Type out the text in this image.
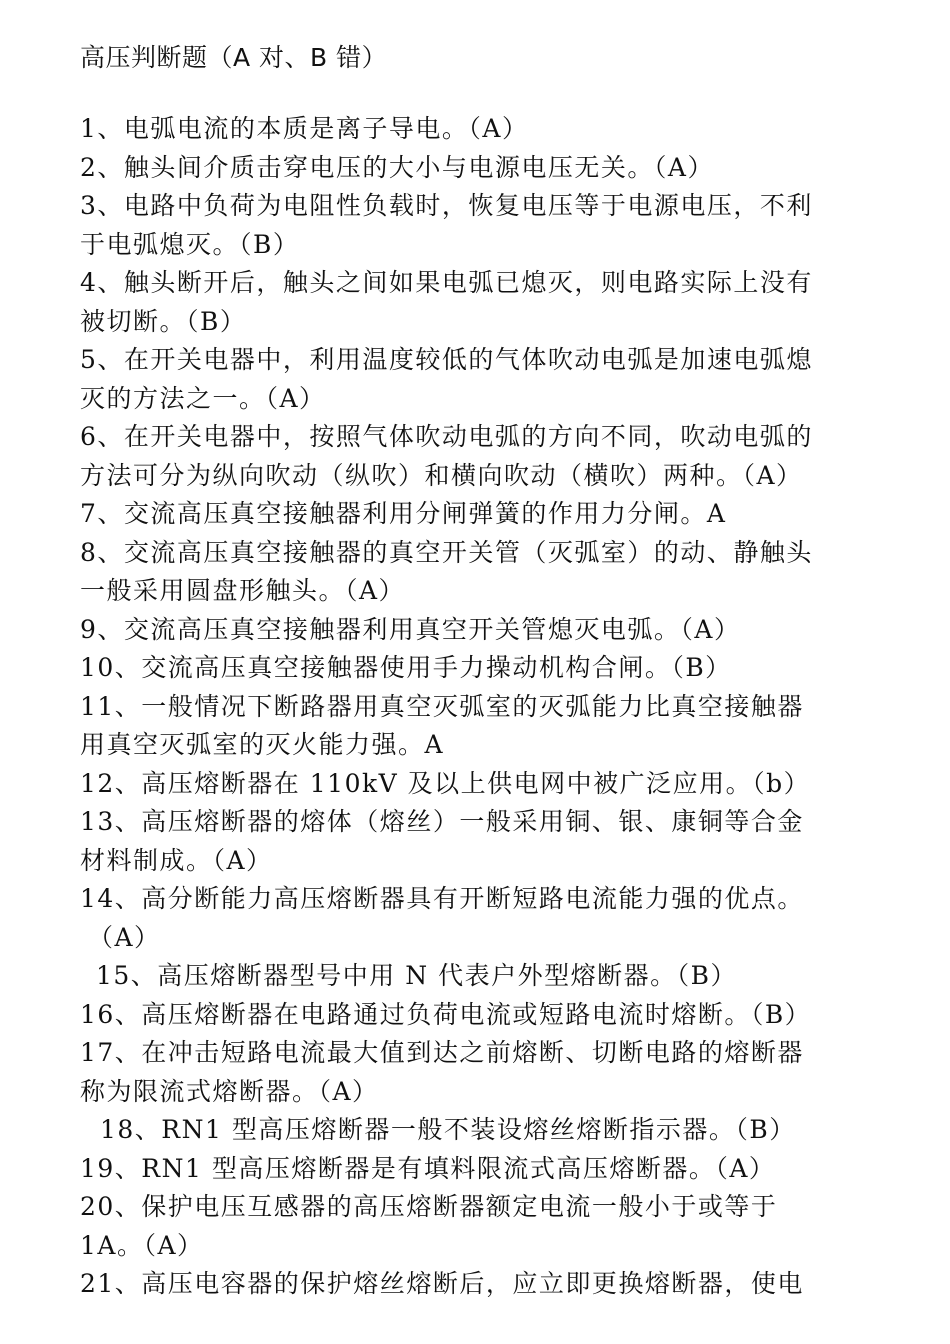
高压判断题（A 对、B 错）
1、电弧电流的本质是离子导电。（A）
2、触头间介质击穿电压的大小与电源电压无关。（A）
3、电路中负荷为电阻性负载时，恢复电压等于电源电压，不利
于电弧熄灭。（B）
4、触头断开后，触头之间如果电弧已熄灭，则电路实际上没有
被切断。（B）
5、在开关电器中，利用温度较低的气体吹动电弧是加速电弧熄
灭的方法之一。（A）
6、在开关电器中，按照气体吹动电弧的方向不同，吹动电弧的
方法可分为纵向吹动（纵吹）和横向吹动（横吹）两种。（A）
7、交流高压真空接触器利用分闸弹簧的作用力分闸。A
8、交流高压真空接触器的真空开关管（灭弧室）的动、静触头
一般采用圆盘形触头。（A）
9、交流高压真空接触器利用真空开关管熄灭电弧。（A）
10、交流高压真空接触器使用手力操动机构合闸。（B）
11、一般情况下断路器用真空灭弧室的灭弧能力比真空接触器
用真空灭弧室的灭火能力强。A
12、高压熔断器在 110kV 及以上供电网中被广泛应用。（b）
13、高压熔断器的熔体（熔丝）一般采用铜、银、康铜等合金
材料制成。（A）
14、高分断能力高压熔断器具有开断短路电流能力强的优点。
（A）
15、高压熔断器型号中用 N 代表户外型熔断器。（B）
16、高压熔断器在电路通过负荷电流或短路电流时熔断。（B）
17、在冲击短路电流最大值到达之前熔断、切断电路的熔断器
称为限流式熔断器。（A）
18、RN1 型高压熔断器一般不装设熔丝熔断指示器。（B）
19、RN1 型高压熔断器是有填料限流式高压熔断器。（A）
20、保护电压互感器的高压熔断器额定电流一般小于或等于
1A。（A）
21、高压电容器的保护熔丝熔断后，应立即更换熔断器，使电
